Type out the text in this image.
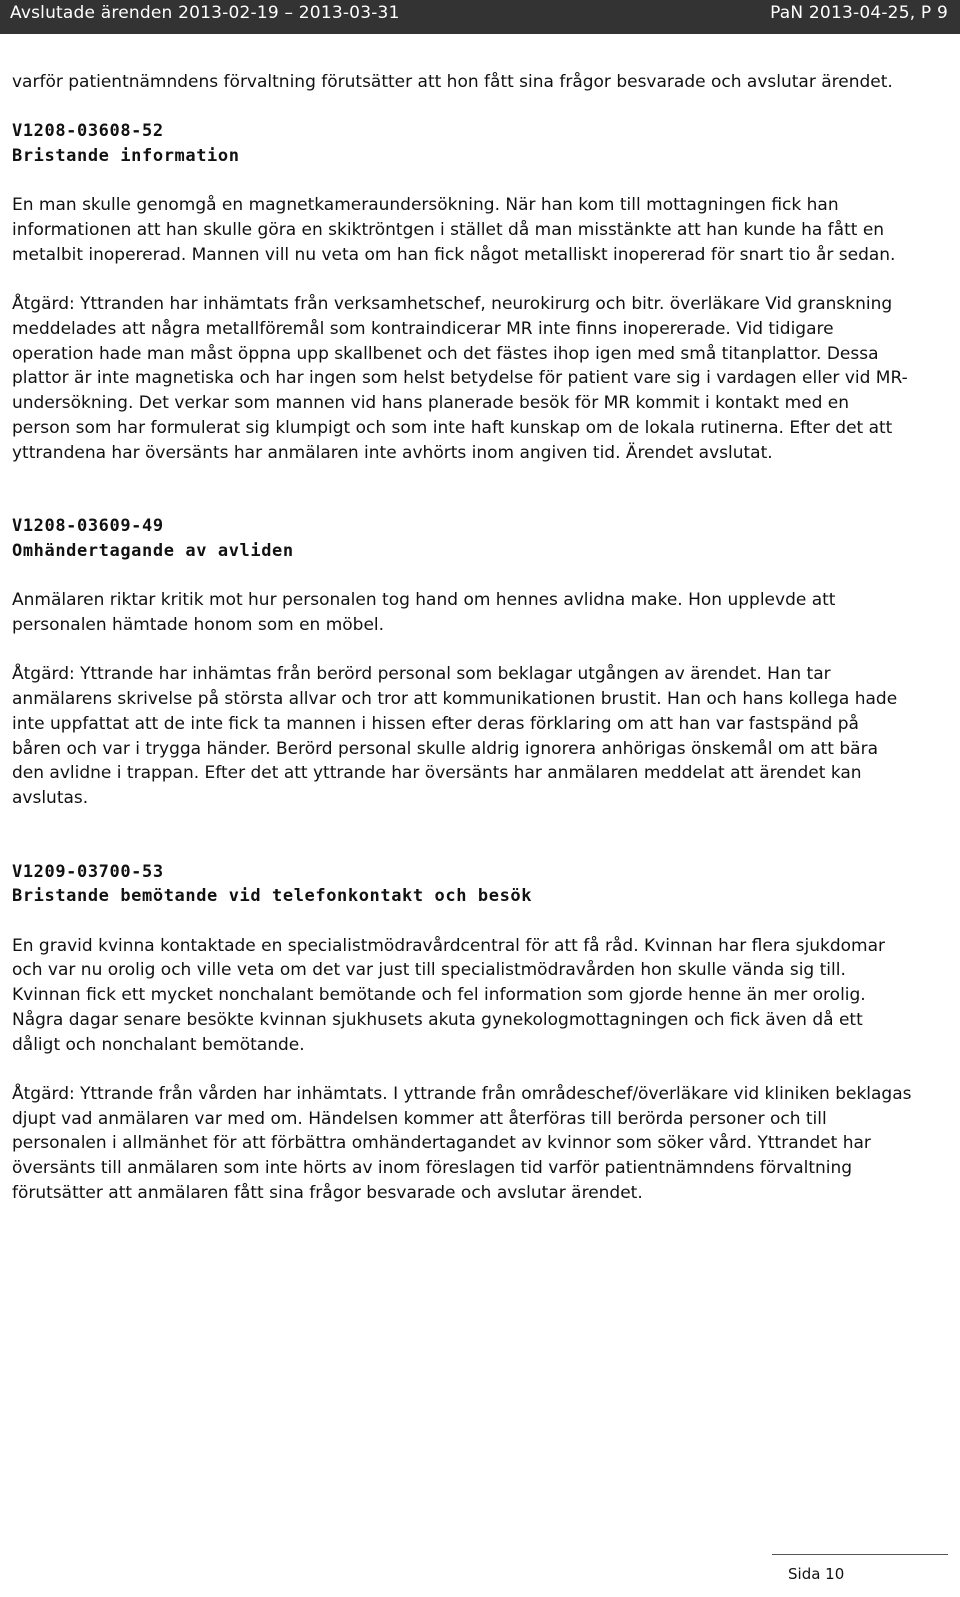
Avslutade ärenden 2013-02-19 – 2013-03-31	PaN 2013-04-25, P 9

varför patientnämndens förvaltning förutsätter att hon fått sina frågor besvarade och avslutar ärendet.

V1208-03608-52

Bristande information

En man skulle genomgå en magnetkameraundersökning. När han kom till mottagningen fick han informationen att han skulle göra en skiktröntgen i stället då man misstänkte att han kunde ha fått en metalbit inopererad. Mannen vill nu veta om han fick något metalliskt inopererad för snart tio år sedan.

Åtgärd: Yttranden har inhämtats från verksamhetschef, neurokirurg och bitr. överläkare Vid granskning meddelades att några metallföremål som kontraindicerar MR inte finns inopererade. Vid tidigare operation hade man måst öppna upp skallbenet och det fästes ihop igen med små titanplattor. Dessa plattor är inte magnetiska och har ingen som helst betydelse för patient vare sig i vardagen eller vid MR-undersökning. Det verkar som mannen vid hans planerade besök för MR kommit i kontakt med en person som har formulerat sig klumpigt och som inte haft kunskap om de lokala rutinerna. Efter det att yttrandena har översänts har anmälaren inte avhörts inom angiven tid. Ärendet avslutat.

V1208-03609-49

Omhändertagande av avliden

Anmälaren riktar kritik mot hur personalen tog hand om hennes avlidna make. Hon upplevde att personalen hämtade honom som en möbel.

Åtgärd: Yttrande har inhämtas från berörd personal som beklagar utgången av ärendet. Han tar anmälarens skrivelse på största allvar och tror att kommunikationen brustit. Han och hans kollega hade inte uppfattat att de inte fick ta mannen i hissen efter deras förklaring om att han var fastspänd på båren och var i trygga händer. Berörd personal skulle aldrig ignorera anhörigas önskemål om att bära den avlidne i trappan. Efter det att yttrande har översänts har anmälaren meddelat att ärendet kan avslutas.

V1209-03700-53

Bristande bemötande vid telefonkontakt och besök

En gravid kvinna kontaktade en specialistmödravårdcentral för att få råd. Kvinnan har flera sjukdomar och var nu orolig och ville veta om det var just till specialistmödravården hon skulle vända sig till. Kvinnan fick ett mycket nonchalant bemötande och fel information som gjorde henne än mer orolig. Några dagar senare besökte kvinnan sjukhusets akuta gynekologmottagningen och fick även då ett dåligt och nonchalant bemötande.

Åtgärd: Yttrande från vården har inhämtats. I yttrande från områdeschef/överläkare vid kliniken beklagas djupt vad anmälaren var med om. Händelsen kommer att återföras till berörda personer och till personalen i allmänhet för att förbättra omhändertagandet av kvinnor som söker vård. Yttrandet har översänts till anmälaren som inte hörts av inom föreslagen tid varför patientnämndens förvaltning förutsätter att anmälaren fått sina frågor besvarade och avslutar ärendet.

Sida 10
